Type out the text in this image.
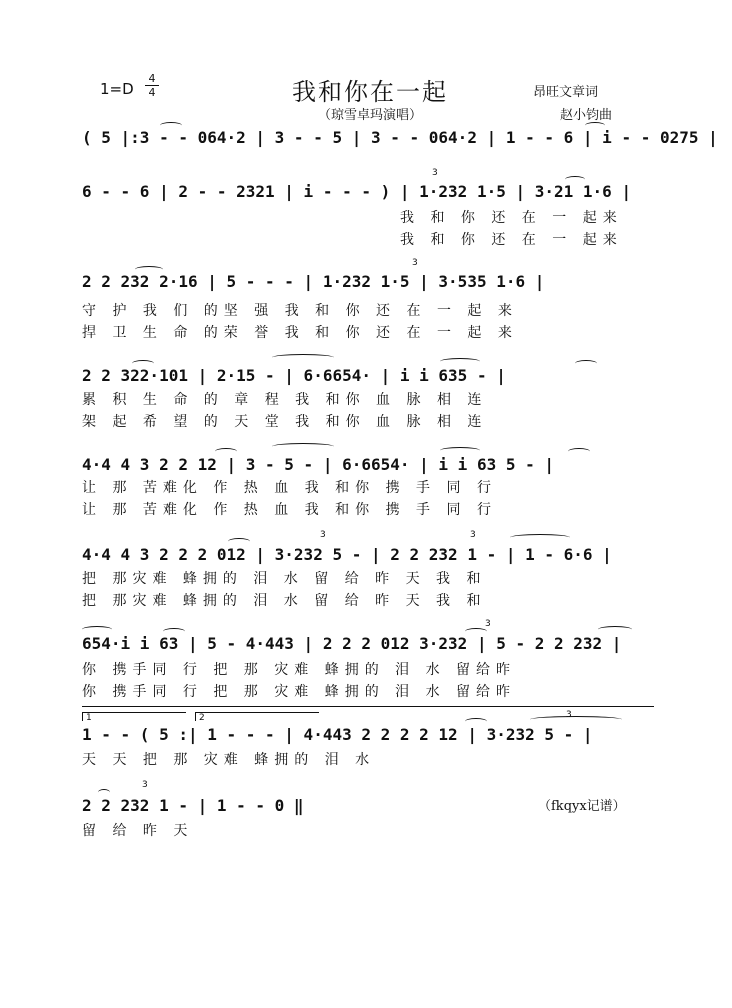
1=D
4
4	我和你在一起
（琼雪卓玛演唱）
昂旺文章词
赵小钧曲
( 5 |:3 - - 064·2 | 3 - - 5 | 3 - - 064·2 | 1 - - 6 | i - - 0275 |
6 - - 6 | 2 - - 2321 | i - - - ) | 1·232 1·5 | 3·21 1·6 |
3
我 和 你 还 在 一 起来
我 和 你 还 在 一 起来
2 2 232 2·16 | 5 - - - | 1·232 1·5 | 3·535 1·6 |
3
守 护 我 们 的坚 强 我 和 你 还 在 一 起 来
捍 卫 生 命 的荣 誉 我 和 你 还 在 一 起 来
2 2 322·101 | 2·15 - | 6·6654· | i i 635 - |
累 积 生 命 的 章 程 我 和你 血 脉 相 连
架 起 希 望 的 天 堂 我 和你 血 脉 相 连
4·4 4 3 2 2 12 | 3 - 5 - | 6·6654· | i i 63 5 - |
让 那 苦难化 作 热 血 我 和你 携 手 同 行
让 那 苦难化 作 热 血 我 和你 携 手 同 行
4·4 4 3 2 2 2 012 | 3·232 5 - | 2 2 232 1 - | 1 - 6·6 |
3	3
把 那灾难 蜂拥的 泪 水 留 给 昨 天 我 和
把 那灾难 蜂拥的 泪 水 留 给 昨 天 我 和
654·i i 63 | 5 - 4·443 | 2 2 2 012 3·232 | 5 - 2 2 232 |
3
你 携手同 行 把 那 灾难 蜂拥的 泪 水 留给昨
你 携手同 行 把 那 灾难 蜂拥的 泪 水 留给昨
1	2
1 - - ( 5 :| 1 - - - | 4·443 2 2 2 2 12 | 3·232 5 - |
3
天 天 把 那 灾难 蜂拥的 泪 水
2 2 232 1 - | 1 - - 0 ‖
3
留 给 昨 天
（fkqyx记谱）
